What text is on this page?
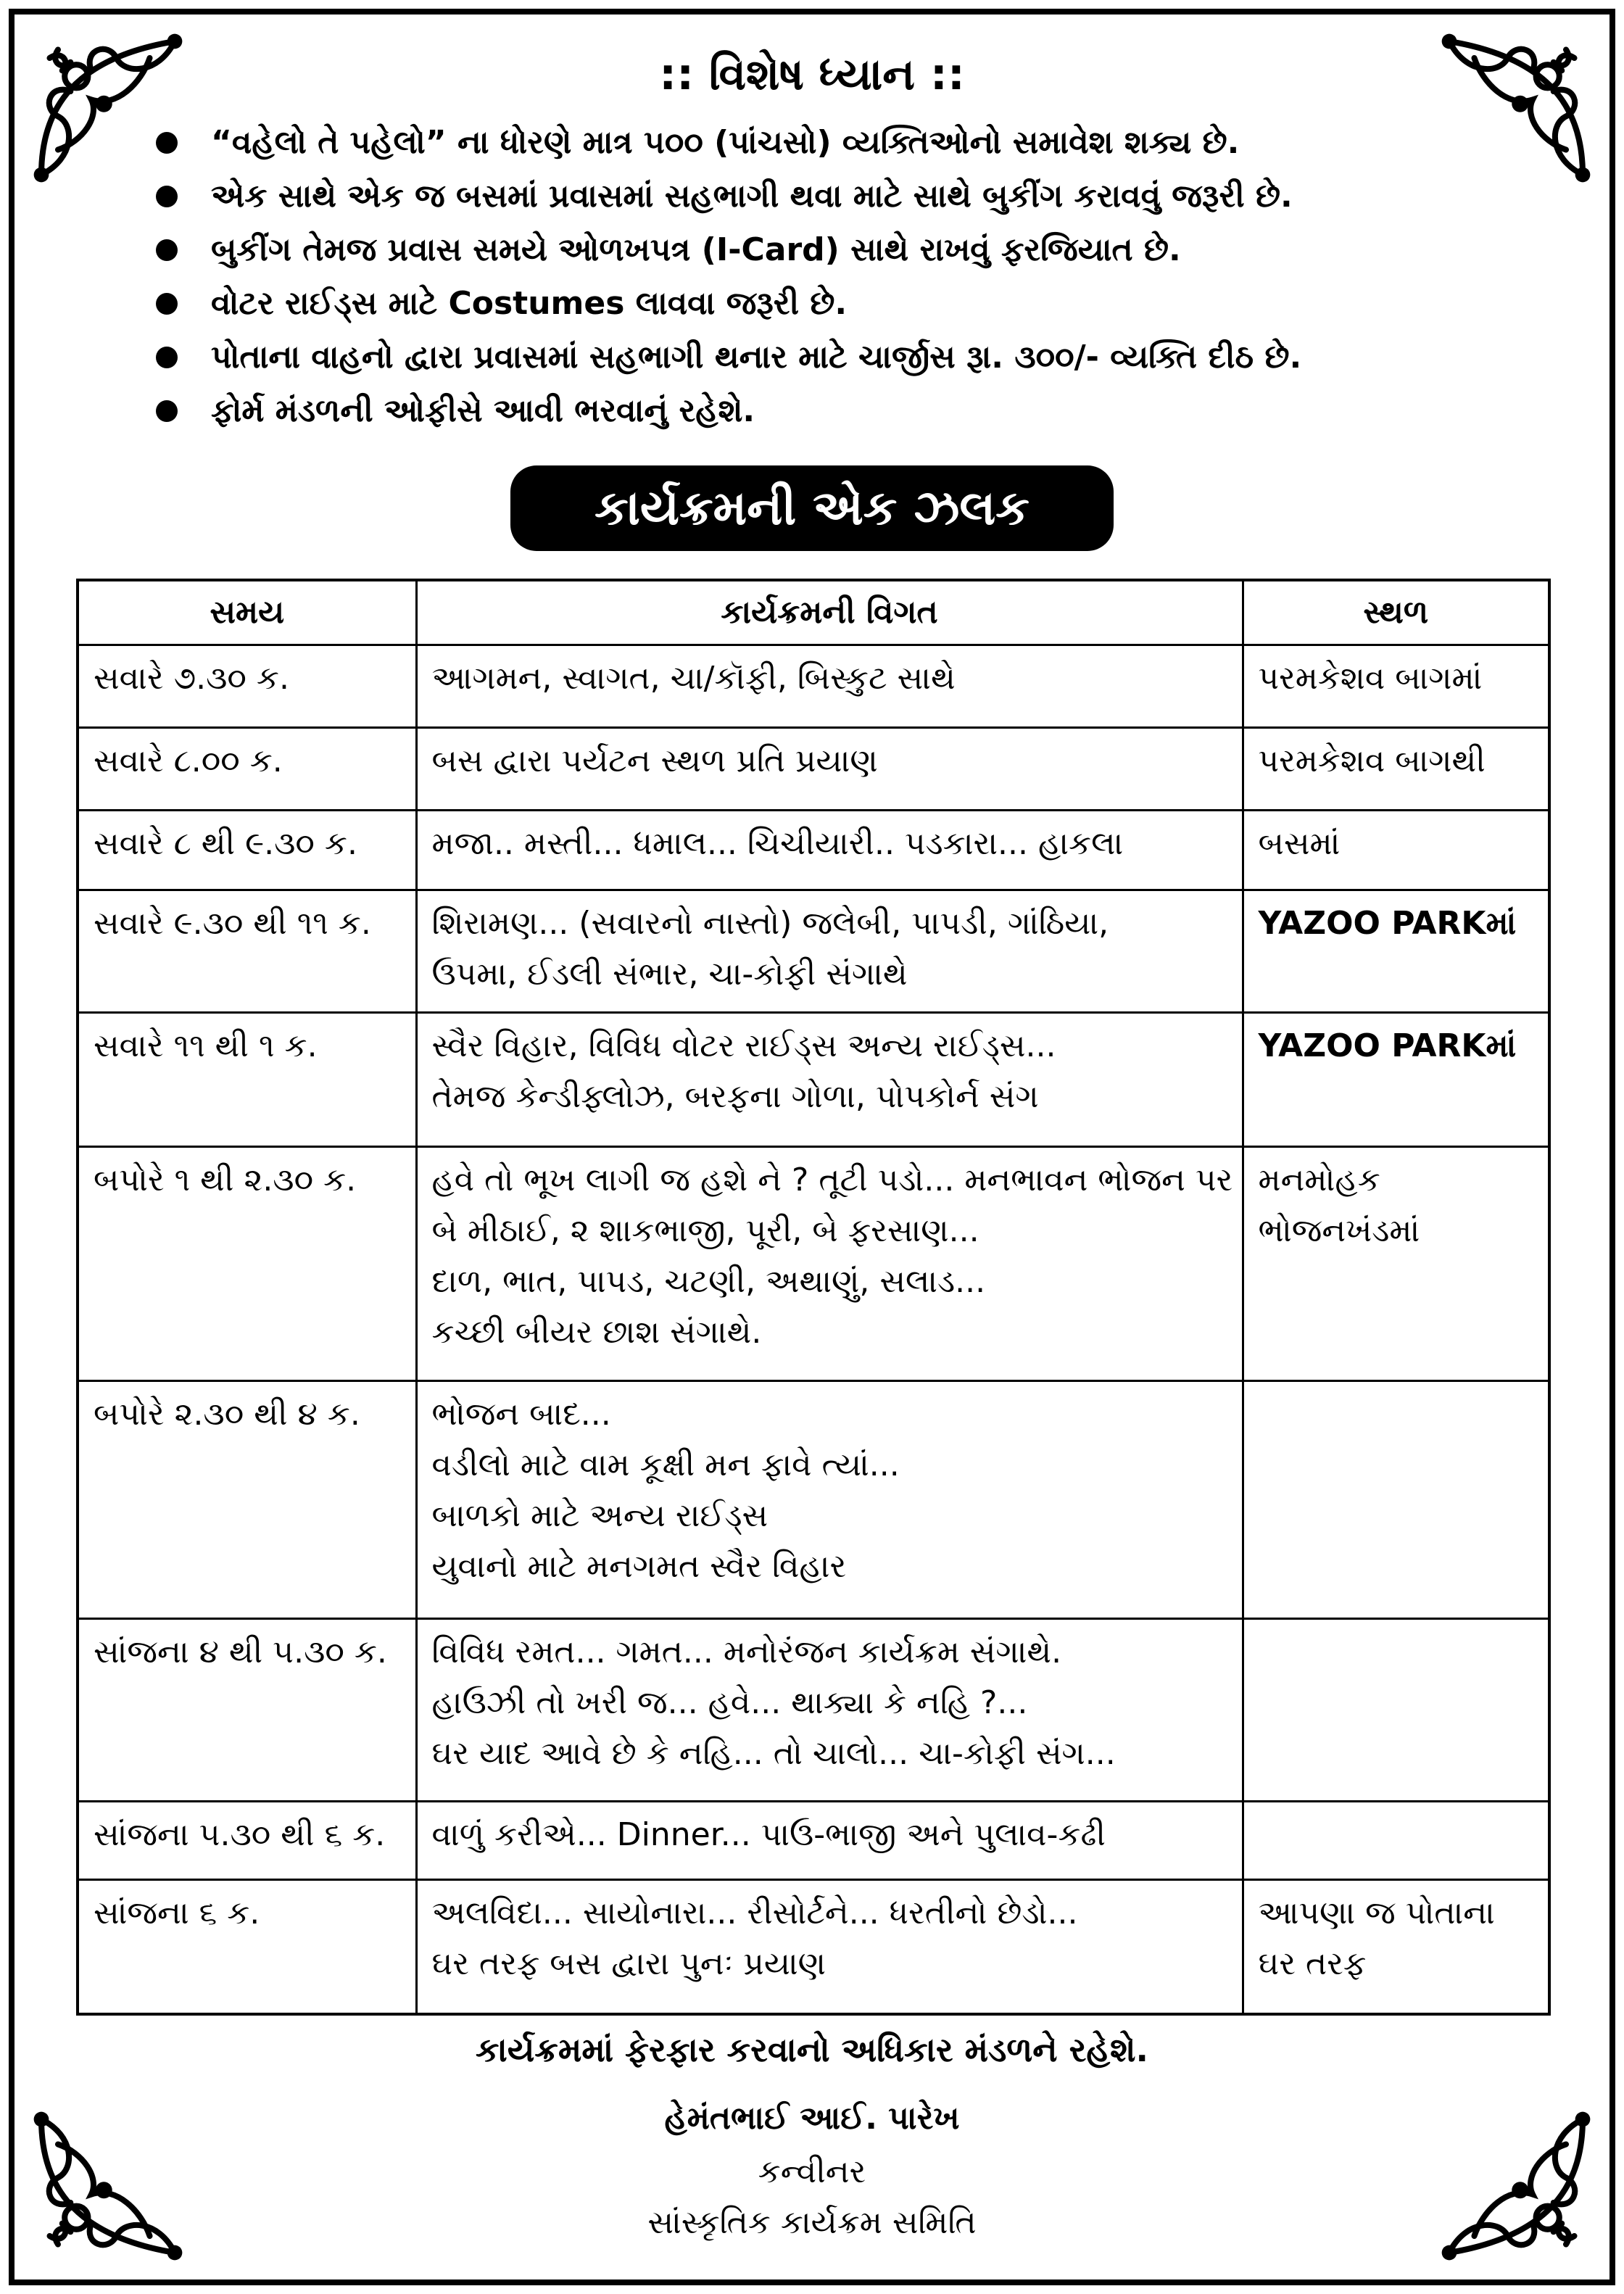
:: વિશેષ ધ્યાન ::
“વહેલો તે પહેલો” ના ધોરણે માત્ર ૫૦૦ (પાંચસો) વ્યક્તિઓનો સમાવેશ શક્ય છે.
એક સાથે એક જ બસમાં પ્રવાસમાં સહભાગી થવા માટે સાથે બુકીંગ કરાવવું જરૂરી છે.
બુકીંગ તેમજ પ્રવાસ સમયે ઓળખપત્ર (I-Card) સાથે રાખવું ફરજિયાત છે.
વોટર રાઈડ્સ માટે Costumes લાવવા જરૂરી છે.
પોતાના વાહનો દ્વારા પ્રવાસમાં સહભાગી થનાર માટે ચાર્જીસ રૂા. ૩૦૦/- વ્યક્તિ દીઠ છે.
ફોર્મ મંડળની ઓફીસે આવી ભરવાનું રહેશે.
કાર્યક્રમની એક ઝલક
સમય	કાર્યક્રમની વિગત	સ્થળ
સવારે ૭.૩૦ ક.	આગમન, સ્વાગત, ચા/કૉફી, બિસ્કુટ સાથે	પરમકેશવ બાગમાં

સવારે ૮.૦૦ ક.	બસ દ્વારા પર્યટન સ્થળ પ્રતિ પ્રયાણ	પરમકેશવ બાગથી

સવારે ૮ થી ૯.૩૦ ક.	મજા.. મસ્તી... ધમાલ... ચિચીયારી.. પડકારા... હાકલા	બસમાં

સવારે ૯.૩૦ થી ૧૧ ક.	શિરામણ... (સવારનો નાસ્તો) જલેબી, પાપડી, ગાંઠિયા,
ઉપમા, ઈડલી સંભાર, ચા-કોફી સંગાથે	YAZOO PARKમાં

સવારે ૧૧ થી ૧ ક.	સ્વૈર વિહાર, વિવિધ વોટર રાઈડ્સ અન્ય રાઈડ્સ...
તેમજ કેન્ડીફ્લોઝ, બરફના ગોળા, પોપકોર્ન સંગ	YAZOO PARKમાં

બપોરે ૧ થી ૨.૩૦ ક.	હવે તો ભૂખ લાગી જ હશે ને ? તૂટી પડો... મનભાવન ભોજન પર
બે મીઠાઈ, ૨ શાકભાજી, પૂરી, બે ફરસાણ...
દાળ, ભાત, પાપડ, ચટણી, અથાણું, સલાડ...
કચ્છી બીયર છાશ સંગાથે.	મનમોહક
ભોજનખંડમાં

બપોરે ૨.૩૦ થી ૪ ક.	ભોજન બાદ...
વડીલો માટે વામ કૂક્ષી મન ફાવે ત્યાં...
બાળકો માટે અન્ય રાઈડ્સ
યુવાનો માટે મનગમત સ્વૈર વિહાર	

સાંજના ૪ થી ૫.૩૦ ક.	વિવિધ રમત... ગમત... મનોરંજન કાર્યક્રમ સંગાથે.
હાઉઝી તો ખરી જ... હવે... થાક્યા કે નહિ ?...
ઘર યાદ આવે છે કે નહિ... તો ચાલો... ચા-કોફી સંગ...	

સાંજના ૫.૩૦ થી ૬ ક.	વાળું કરીએ... Dinner... પાઉ-ભાજી અને પુલાવ-કઢી	

સાંજના ૬ ક.	અલવિદા... સાયોનારા... રીસોર્ટને... ધરતીનો છેડો...
ઘર તરફ બસ દ્વારા પુનઃ પ્રયાણ	આપણા જ પોતાના
ઘર તરફ
કાર્યક્રમમાં ફેરફાર કરવાનો અધિકાર મંડળને રહેશે.
હેમંતભાઈ આઈ. પારેખ
કન્વીનર
સાંસ્કૃતિક કાર્યક્રમ સમિતિ
